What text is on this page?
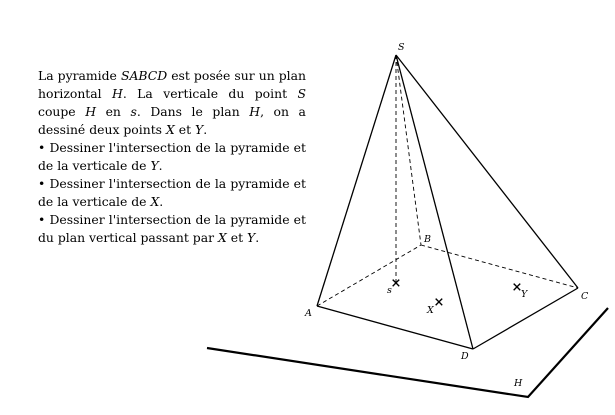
La pyramide SABCD est posée sur un plan horizontal H. La verticale du point S coupe H en s. Dans le plan H, on a dessiné deux points X et Y.

• Dessiner l'intersection de la pyramide et de la verticale de Y.

• Dessiner l'intersection de la pyramide et de la verticale de X.

• Dessiner l'intersection de la pyramide et du plan vertical passant par X et Y.

×
×
×
S
A
B
C
D
s
X
Y
H
